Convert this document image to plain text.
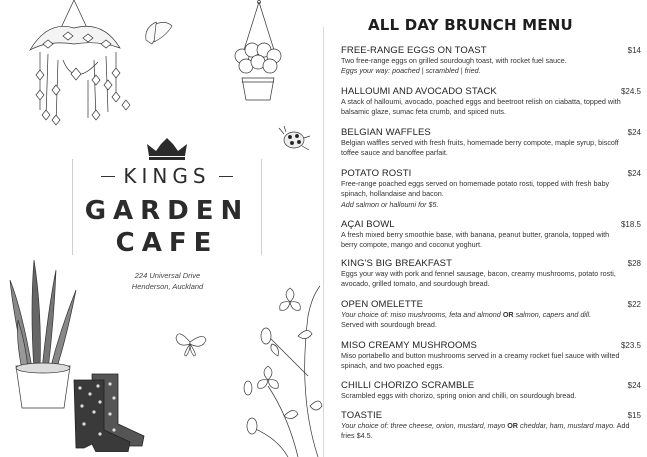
KINGS
GARDEN
CAFE
224 Universal Drive
Henderson, Auckland
ALL DAY BRUNCH MENU
FREE-RANGE EGGS ON TOAST	$14
Two free-range eggs on grilled sourdough toast, with rocket fuel sauce.
Eggs your way: poached | scrambled | fried.
HALLOUMI AND AVOCADO STACK	$24.5
A stack of halloumi, avocado, poached eggs and beetroot relish on ciabatta, topped with balsamic glaze, sumac feta crumb, and spiced nuts.
BELGIAN WAFFLES	$24
Belgian waffles served with fresh fruits, homemade berry compote, maple syrup, biscoff toffee sauce and banoffee parfait.
POTATO ROSTI	$24
Free-range poached eggs served on homemade potato rosti, topped with fresh baby spinach, hollandaise and bacon.
Add salmon or halloumi for $5.
AÇAI BOWL	$18.5
A fresh mixed berry smoothie base, with banana, peanut butter, granola, topped with berry compote, mango and coconut yoghurt.
KING'S BIG BREAKFAST	$28
Eggs your way with pork and fennel sausage, bacon, creamy mushrooms, potato rosti, avocado, grilled tomato, and sourdough bread.
OPEN OMELETTE	$22
Your choice of: miso mushrooms, feta and almond OR salmon, capers and dill.
Served with sourdough bread.
MISO CREAMY MUSHROOMS	$23.5
Miso portabello and button mushrooms served in a creamy rocket fuel sauce with wilted spinach, and two poached eggs.
CHILLI CHORIZO SCRAMBLE	$24
Scrambled eggs with chorizo, spring onion and chilli, on sourdough bread.
TOASTIE	$15
Your choice of: three cheese, onion, mustard, mayo OR cheddar, ham, mustard mayo. Add fries $4.5.
